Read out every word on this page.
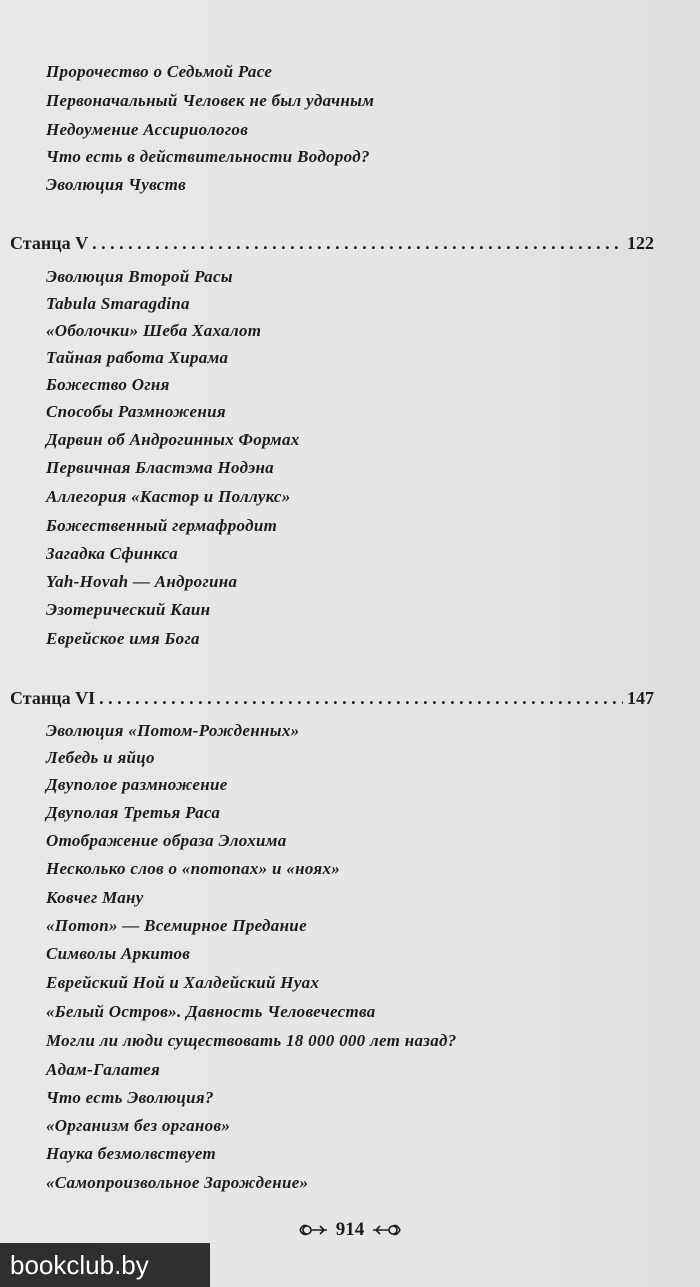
Пророчество о Седьмой Расе
Первоначальный Человек не был удачным
Недоумение Ассириологов
Что есть в действительности Водород?
Эволюция Чувств
Станца V . . .	122
Эволюция Второй Расы
Tabula Smaragdina
«Оболочки» Шеба Хахалот
Тайная работа Хирама
Божество Огня
Способы Размножения
Дарвин об Андрогинных Формах
Первичная Бластэма Нодэна
Аллегория «Кастор и Поллукс»
Божественный гермафродит
Загадка Сфинкса
Yah-Hovah — Андрогина
Эзотерический Каин
Еврейское имя Бога
Станца VI . . .	147
Эволюция «Потом-Рожденных»
Лебедь и яйцо
Двуполое размножение
Двуполая Третья Раса
Отображение образа Элохима
Несколько слов о «потопах» и «ноях»
Ковчег Ману
«Потоп» — Всемирное Предание
Символы Аркитов
Еврейский Ной и Халдейский Нуах
«Белый Остров». Давность Человечества
Могли ли люди существовать 18 000 000 лет назад?
Адам-Галатея
Что есть Эволюция?
«Организм без органов»
Наука безмолвствует
«Самопроизвольное Зарождение»
914
bookclub.by
